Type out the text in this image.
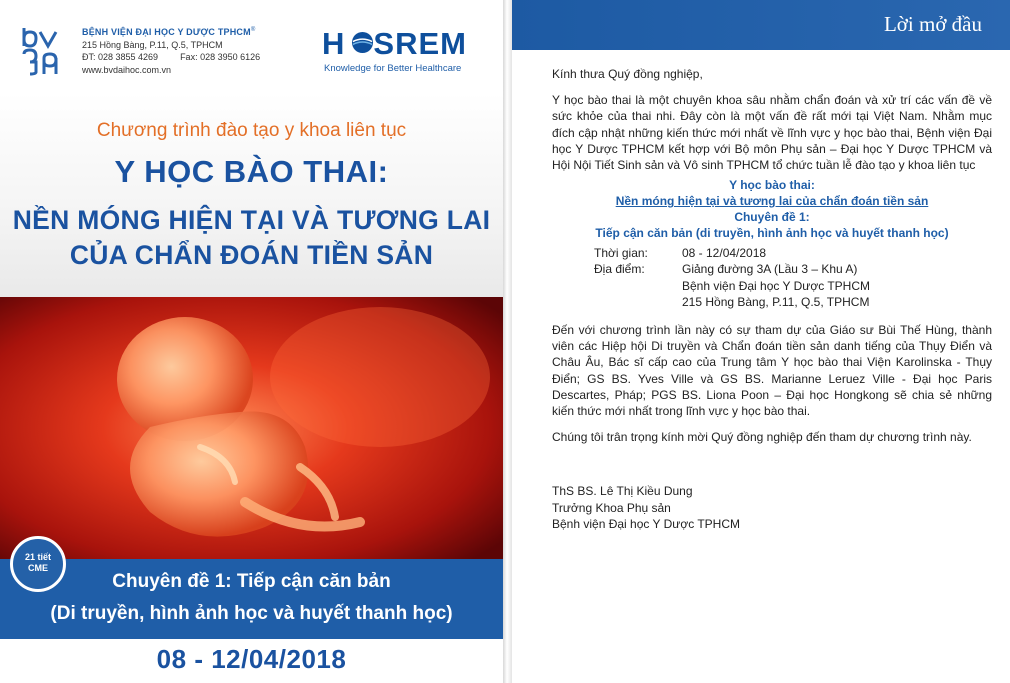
BỆNH VIỆN ĐẠI HỌC Y DƯỢC TPHCM®
215 Hồng Bàng, P.11, Q.5, TPHCM
ĐT: 028 3855 4269 Fax: 028 3950 6126
www.bvdaihoc.com.vn
H SREM
Knowledge for Better Healthcare
Chương trình đào tạo y khoa liên tục
Y HỌC BÀO THAI:
NỀN MÓNG HIỆN TẠI VÀ TƯƠNG LAI
CỦA CHẨN ĐOÁN TIỀN SẢN
Chuyên đề 1: Tiếp cận căn bản
(Di truyền, hình ảnh học và huyết thanh học)
21 tiết
CME
08 - 12/04/2018
Lời mở đầu
Kính thưa Quý đồng nghiệp,
Y học bào thai là một chuyên khoa sâu nhằm chẩn đoán và xử trí các vấn đề về sức khỏe của thai nhi. Đây còn là một vấn đề rất mới tại Việt Nam. Nhằm mục đích cập nhật những kiến thức mới nhất về lĩnh vực y học bào thai, Bệnh viện Đại học Y Dược TPHCM kết hợp với Bộ môn Phụ sản – Đại học Y Dược TPHCM và Hội Nội Tiết Sinh sản và Vô sinh TPHCM tổ chức tuần lễ đào tạo y khoa liên tục
Y học bào thai:
Nền móng hiện tại và tương lai của chẩn đoán tiền sản
Chuyên đề 1:
Tiếp cận căn bản (di truyền, hình ảnh học và huyết thanh học)
Thời gian:	08 - 12/04/2018
Địa điểm:	Giảng đường 3A (Lầu 3 – Khu A)
Bệnh viện Đại học Y Dược TPHCM
215 Hồng Bàng, P.11, Q.5, TPHCM
Đến với chương trình lần này có sự tham dự của Giáo sư Bùi Thế Hùng, thành viên các Hiệp hội Di truyền và Chẩn đoán tiền sản danh tiếng của Thụy Điển và Châu Âu, Bác sĩ cấp cao của Trung tâm Y học bào thai Viện Karolinska - Thụy Điển; GS BS. Yves Ville và GS BS. Marianne Leruez Ville - Đại học Paris Descartes, Pháp; PGS BS. Liona Poon – Đại học Hongkong sẽ chia sẻ những kiến thức mới nhất trong lĩnh vực y học bào thai.
Chúng tôi trân trọng kính mời Quý đồng nghiệp đến tham dự chương trình này.
ThS BS. Lê Thị Kiều Dung
Trưởng Khoa Phụ sản
Bệnh viện Đại học Y Dược TPHCM
